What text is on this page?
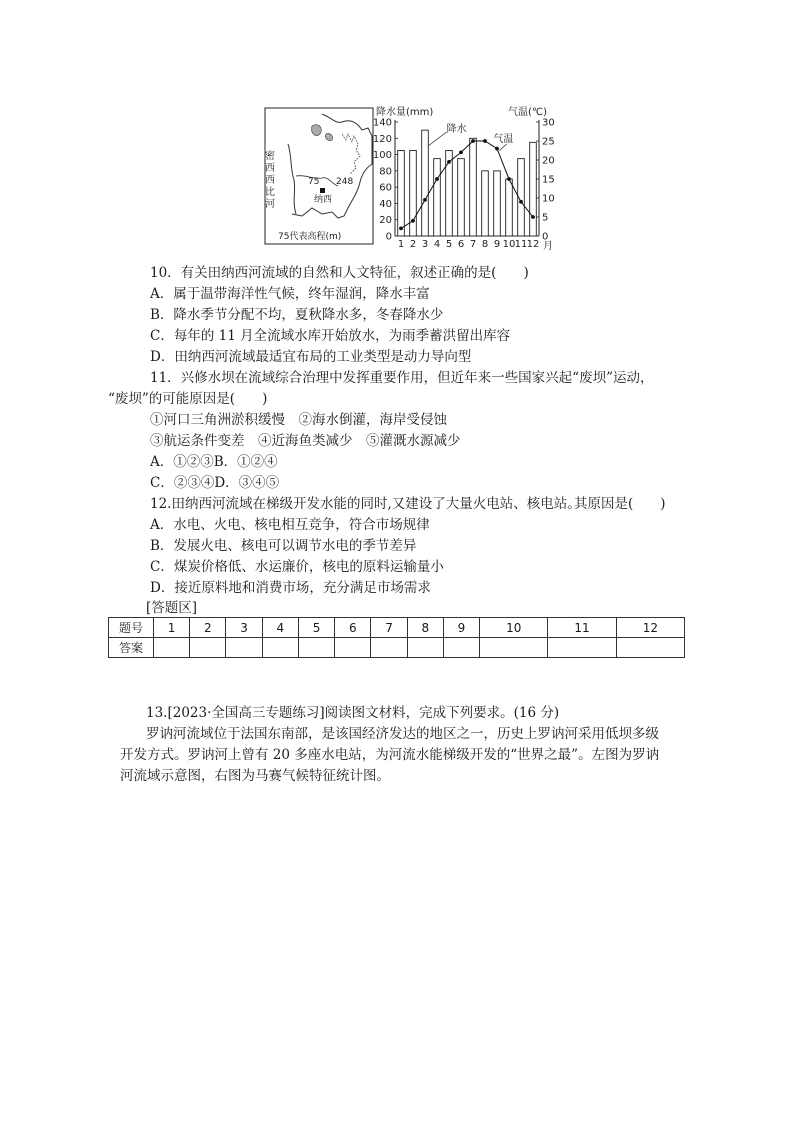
密西西比河	75 248
纳西
75代表高程(m)
降水量(mm)	气温(℃)
0
20
40
60
80
100
120
140
0
5
10
15
20
25
30
1 2 3 4 5 6 7 8 9 10 11 12 月
降水
气温
10．有关田纳西河流域的自然和人文特征，叙述正确的是(　　)
A．属于温带海洋性气候，终年湿润，降水丰富
B．降水季节分配不均，夏秋降水多，冬春降水少
C．每年的 11 月全流域水库开始放水，为雨季蓄洪留出库容
D．田纳西河流域最适宜布局的工业类型是动力导向型
11．兴修水坝在流域综合治理中发挥重要作用，但近年来一些国家兴起“废坝”运动，
“废坝”的可能原因是(　　)
①河口三角洲淤积缓慢　②海水倒灌，海岸受侵蚀
③航运条件变差　④近海鱼类减少　⑤灌溉水源减少
A．①②③B．①②④
C．②③④D．③④⑤
12.田纳西河流域在梯级开发水能的同时,又建设了大量火电站、核电站｡其原因是(　　)
A．水电、火电、核电相互竞争，符合市场规律
B．发展火电、核电可以调节水电的季节差异
C．煤炭价格低、水运廉价，核电的原料运输量小
D．接近原料地和消费市场，充分满足市场需求
[答题区]
题号	1	2	3	4	5	6	7	8	9	10	11	12
答案												
13.[2023·全国高三专题练习]阅读图文材料，完成下列要求。(16 分)
罗讷河流域位于法国东南部，是该国经济发达的地区之一，历史上罗讷河采用低坝多级
开发方式。罗讷河上曾有 20 多座水电站，为河流水能梯级开发的“世界之最”。左图为罗讷
河流域示意图，右图为马赛气候特征统计图。
